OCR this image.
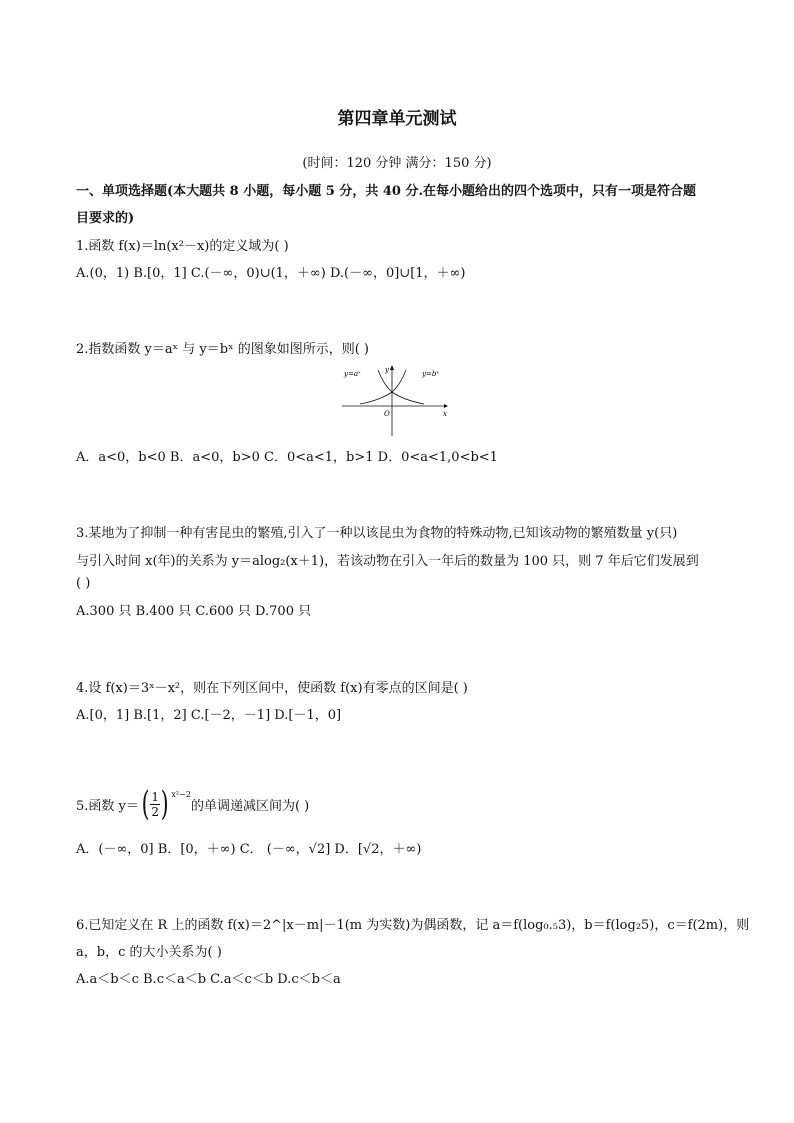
第四章单元测试
(时间：120 分钟 满分：150 分)
一、单项选择题(本大题共 8 小题，每小题 5 分，共 40 分.在每小题给出的四个选项中，只有一项是符合题
目要求的)
1.函数 f(x)＝ln(x²－x)的定义域为( )
A.(0，1) B.[0，1] C.(－∞，0)∪(1，＋∞) D.(－∞，0]∪[1，＋∞)
2.指数函数 y＝aˣ 与 y＝bˣ 的图象如图所示，则( )
y=aˣ	y=bˣ
y
x
O
A．a<0，b<0 B．a<0，b>0 C．0<a<1，b>1 D．0<a<1,0<b<1
3.某地为了抑制一种有害昆虫的繁殖,引入了一种以该昆虫为食物的特殊动物,已知该动物的繁殖数量 y(只)
与引入时间 x(年)的关系为 y＝alog₂(x＋1)，若该动物在引入一年后的数量为 100 只，则 7 年后它们发展到
( )
A.300 只 B.400 只 C.600 只 D.700 只
4.设 f(x)＝3ˣ－x²，则在下列区间中，使函数 f(x)有零点的区间是( )
A.[0，1] B.[1，2] C.[－2，－1] D.[－1，0]
5.函数 y＝ ( $\frac{1}{2}$ ) x²−2
的单调递减区间为( )
A．(－∞，0] B．[0，＋∞) C． (－∞，√2] D．[√2，＋∞)
6.已知定义在 R 上的函数 f(x)＝2^|x－m|－1(m 为实数)为偶函数，记 a＝f(log₀.₅3)，b＝f(log₂5)，c＝f(2m)，则
a，b，c 的大小关系为( )
A.a＜b＜c B.c＜a＜b C.a＜c＜b D.c＜b＜a
